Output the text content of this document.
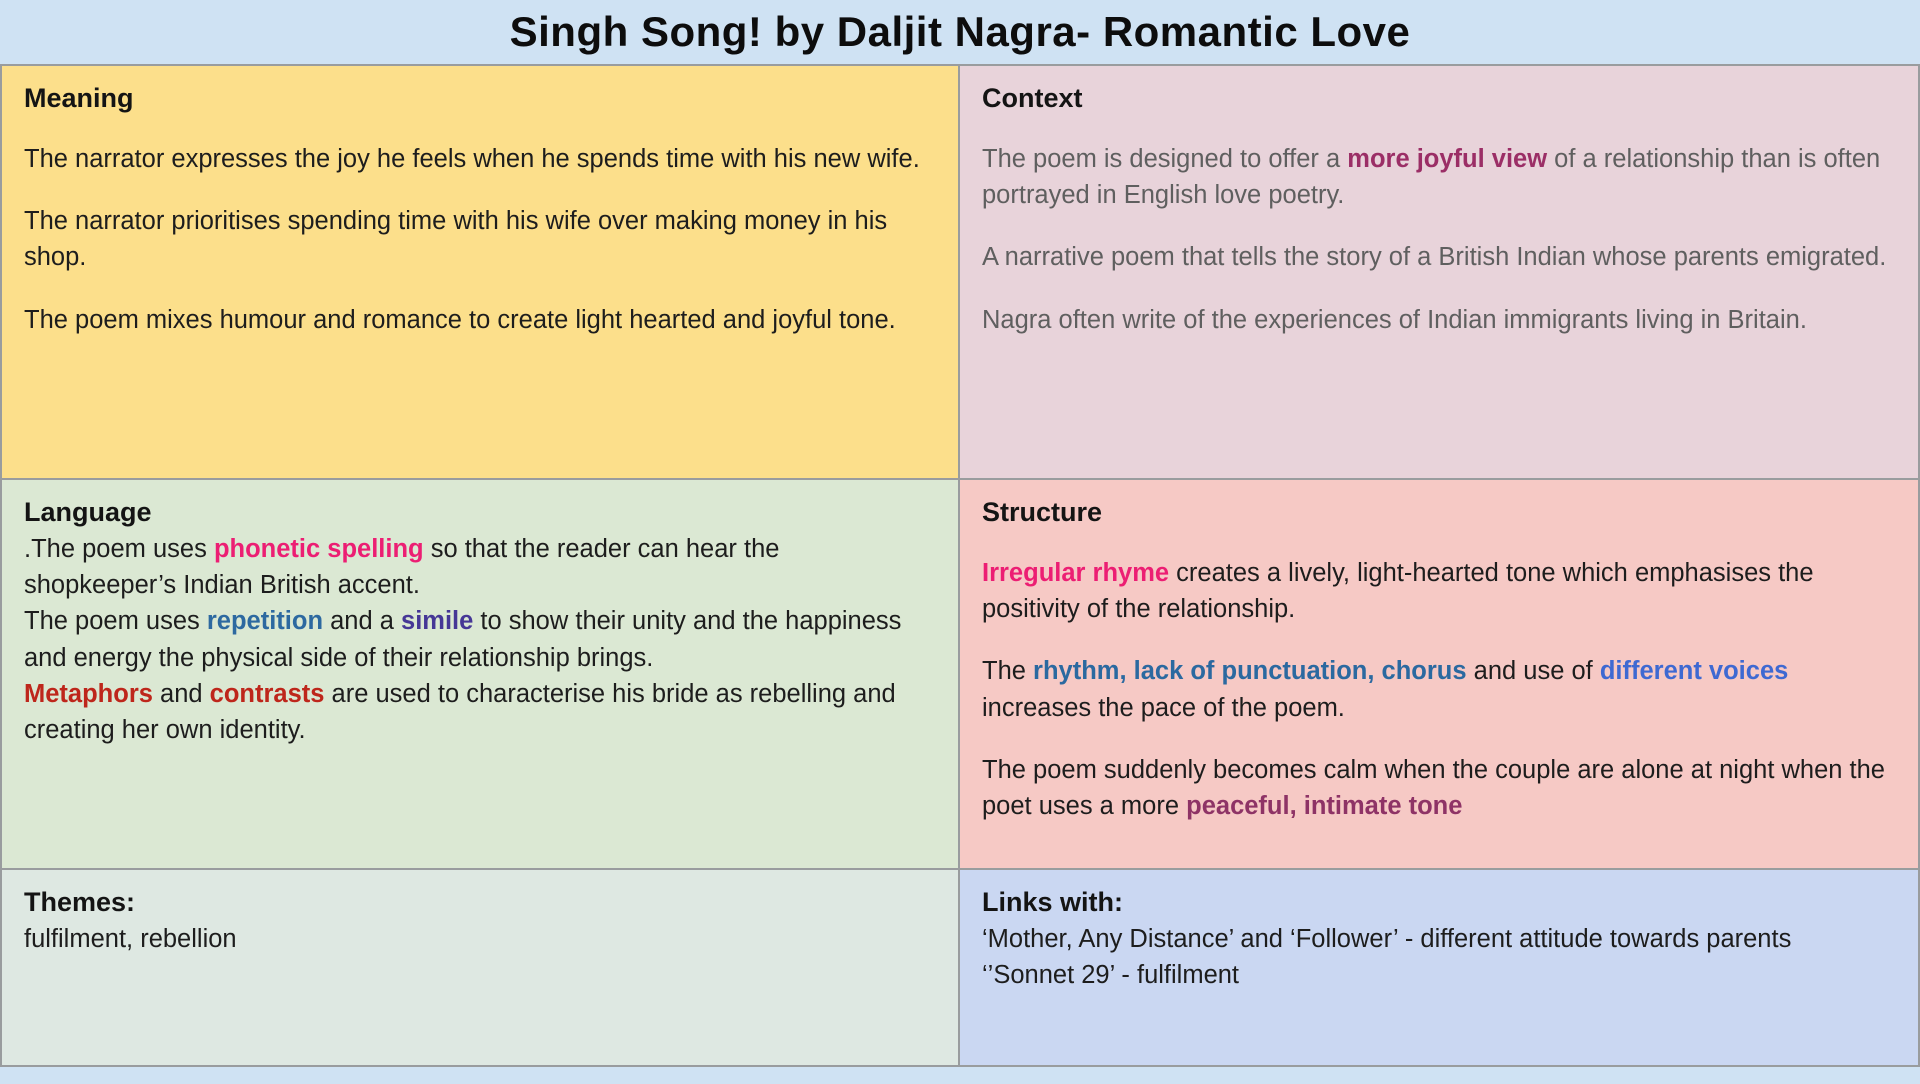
Singh Song! by Daljit Nagra- Romantic Love
Meaning

The narrator expresses the joy he feels when he spends time with his new wife.

The narrator prioritises spending time with his wife over making money in his shop.

The poem mixes humour and romance to create light hearted and joyful tone.

Context

The poem is designed to offer a more joyful view of a relationship than is often portrayed in English love poetry.

A narrative poem that tells the story of a British Indian whose parents emigrated.

Nagra often write of the experiences of Indian immigrants living in Britain.

Language

.The poem uses phonetic spelling so that the reader can hear the shopkeeper’s Indian British accent.

The poem uses repetition and a simile to show their unity and the happiness and energy the physical side of their relationship brings.

Metaphors and contrasts are used to characterise his bride as rebelling and creating her own identity.

Structure

Irregular rhyme creates a lively, light-hearted tone which emphasises the positivity of the relationship.

The rhythm, lack of punctuation, chorus and use of different voices increases the pace of the poem.

The poem suddenly becomes calm when the couple are alone at night when the poet uses a more peaceful, intimate tone

Themes:

fulfilment, rebellion

Links with:

‘Mother, Any Distance’ and ‘Follower’ - different attitude towards parents

‘’Sonnet 29’ - fulfilment
